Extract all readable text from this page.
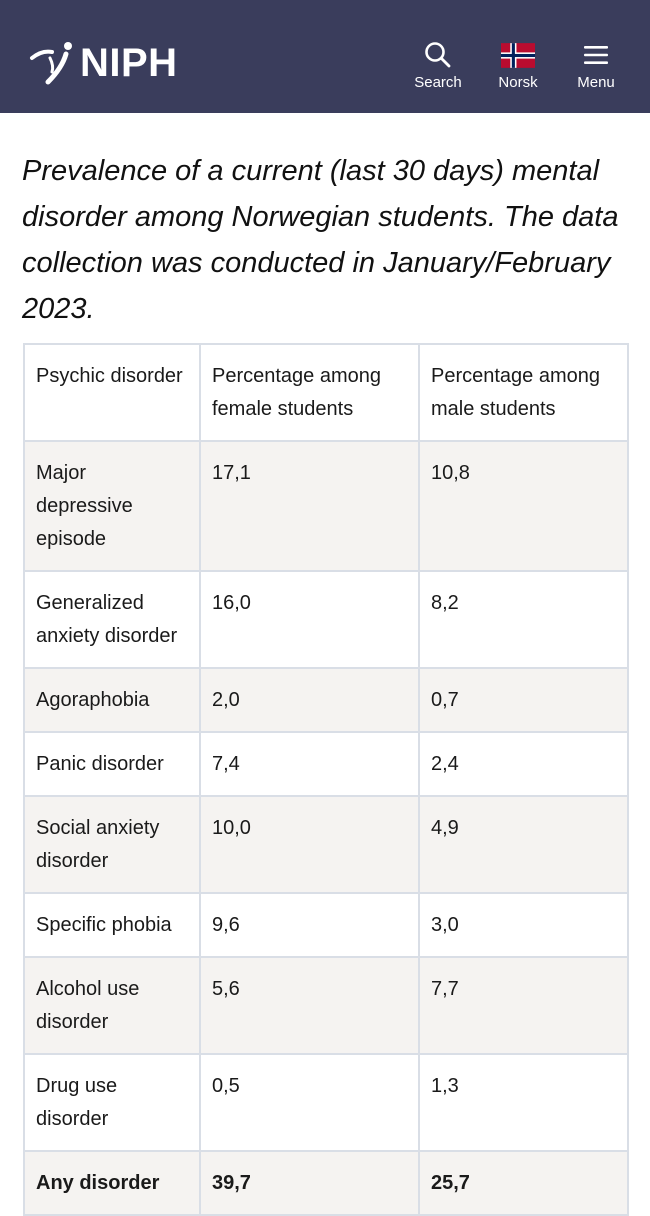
NIPH	Search Norsk	Menu
Prevalence of a current (last 30 days) mental disorder among Norwegian students. The data collection was conducted in January/February 2023.
Psychic disorder	Percentage among female students	Percentage among male students
Major depressive episode	17,1	10,8
Generalized anxiety disorder	16,0	8,2
Agoraphobia	2,0	0,7
Panic disorder	7,4	2,4
Social anxiety disorder	10,0	4,9
Specific phobia	9,6	3,0
Alcohol use disorder	5,6	7,7
Drug use disorder	0,5	1,3
Any disorder	39,7	25,7
